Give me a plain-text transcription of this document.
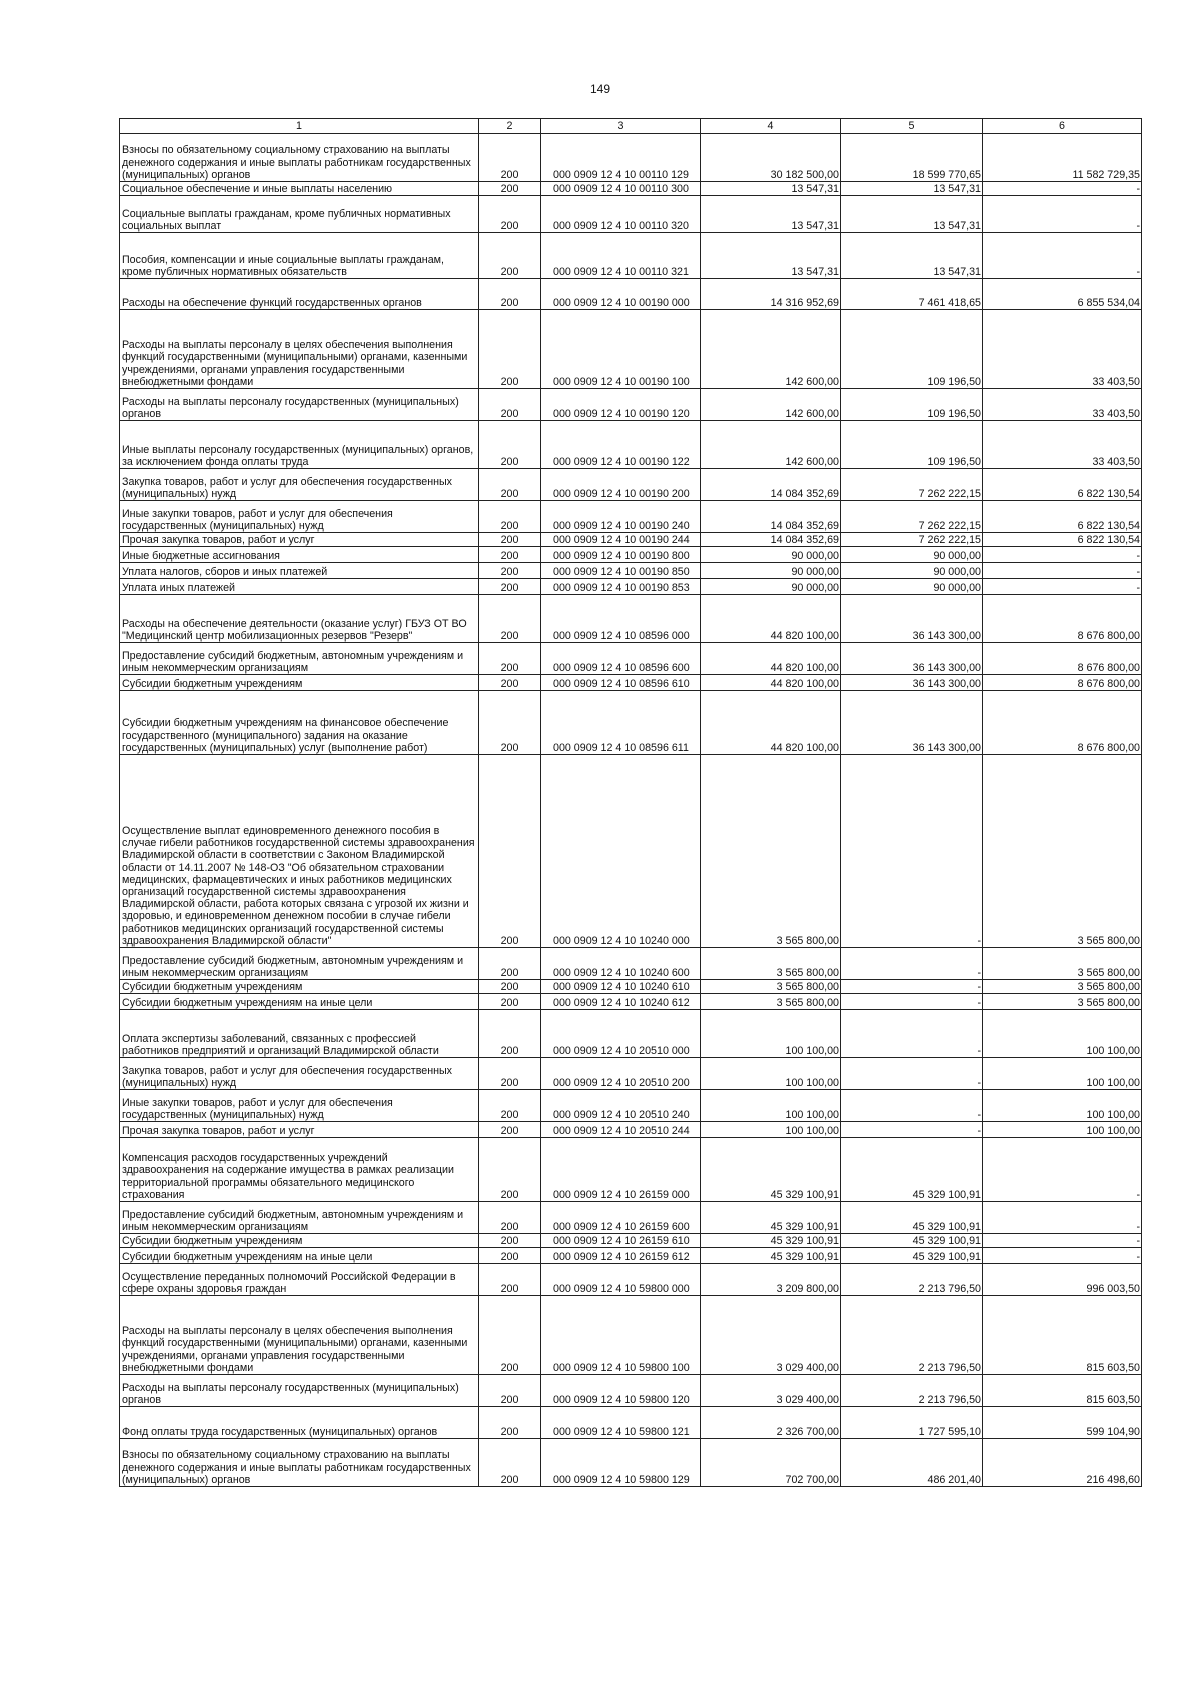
149
1	2	3	4	5	6
Взносы по обязательному социальному страхованию на выплаты денежного содержания и иные выплаты работникам государственных (муниципальных) органов	200	000 0909 12 4 10 00110 129	30 182 500,00	18 599 770,65	11 582 729,35
Социальное обеспечение и иные выплаты населению	200	000 0909 12 4 10 00110 300	13 547,31	13 547,31	-
Социальные выплаты гражданам, кроме публичных нормативных социальных выплат	200	000 0909 12 4 10 00110 320	13 547,31	13 547,31	-
Пособия, компенсации и иные социальные выплаты гражданам, кроме публичных нормативных обязательств	200	000 0909 12 4 10 00110 321	13 547,31	13 547,31	-
Расходы на обеспечение функций государственных органов	200	000 0909 12 4 10 00190 000	14 316 952,69	7 461 418,65	6 855 534,04
Расходы на выплаты персоналу в целях обеспечения выполнения функций государственными (муниципальными) органами, казенными учреждениями, органами управления государственными внебюджетными фондами	200	000 0909 12 4 10 00190 100	142 600,00	109 196,50	33 403,50
Расходы на выплаты персоналу государственных (муниципальных) органов	200	000 0909 12 4 10 00190 120	142 600,00	109 196,50	33 403,50
Иные выплаты персоналу государственных (муниципальных) органов, за исключением фонда оплаты труда	200	000 0909 12 4 10 00190 122	142 600,00	109 196,50	33 403,50
Закупка товаров, работ и услуг для обеспечения государственных (муниципальных) нужд	200	000 0909 12 4 10 00190 200	14 084 352,69	7 262 222,15	6 822 130,54
Иные закупки товаров, работ и услуг для обеспечения государственных (муниципальных) нужд	200	000 0909 12 4 10 00190 240	14 084 352,69	7 262 222,15	6 822 130,54
Прочая закупка товаров, работ и услуг	200	000 0909 12 4 10 00190 244	14 084 352,69	7 262 222,15	6 822 130,54
Иные бюджетные ассигнования	200	000 0909 12 4 10 00190 800	90 000,00	90 000,00	-
Уплата налогов, сборов и иных платежей	200	000 0909 12 4 10 00190 850	90 000,00	90 000,00	-
Уплата иных платежей	200	000 0909 12 4 10 00190 853	90 000,00	90 000,00	-
Расходы на обеспечение деятельности (оказание услуг) ГБУЗ ОТ ВО "Медицинский центр мобилизационных резервов "Резерв"	200	000 0909 12 4 10 08596 000	44 820 100,00	36 143 300,00	8 676 800,00
Предоставление субсидий бюджетным, автономным учреждениям и иным некоммерческим организациям	200	000 0909 12 4 10 08596 600	44 820 100,00	36 143 300,00	8 676 800,00
Субсидии бюджетным учреждениям	200	000 0909 12 4 10 08596 610	44 820 100,00	36 143 300,00	8 676 800,00
Субсидии бюджетным учреждениям на финансовое обеспечение государственного (муниципального) задания на оказание государственных (муниципальных) услуг (выполнение работ)	200	000 0909 12 4 10 08596 611	44 820 100,00	36 143 300,00	8 676 800,00
Осуществление выплат единовременного денежного пособия в случае гибели работников государственной системы здравоохранения Владимирской области в соответствии с Законом Владимирской области от 14.11.2007 № 148-ОЗ "Об обязательном страховании медицинских, фармацевтических и иных работников медицинских организаций государственной системы здравоохранения Владимирской области, работа которых связана с угрозой их жизни и здоровью, и единовременном денежном пособии в случае гибели работников медицинских организаций государственной системы здравоохранения Владимирской области"	200	000 0909 12 4 10 10240 000	3 565 800,00	-	3 565 800,00
Предоставление субсидий бюджетным, автономным учреждениям и иным некоммерческим организациям	200	000 0909 12 4 10 10240 600	3 565 800,00	-	3 565 800,00
Субсидии бюджетным учреждениям	200	000 0909 12 4 10 10240 610	3 565 800,00	-	3 565 800,00
Субсидии бюджетным учреждениям на иные цели	200	000 0909 12 4 10 10240 612	3 565 800,00	-	3 565 800,00
Оплата экспертизы заболеваний, связанных с профессией работников предприятий и организаций Владимирской области	200	000 0909 12 4 10 20510 000	100 100,00	-	100 100,00
Закупка товаров, работ и услуг для обеспечения государственных (муниципальных) нужд	200	000 0909 12 4 10 20510 200	100 100,00	-	100 100,00
Иные закупки товаров, работ и услуг для обеспечения государственных (муниципальных) нужд	200	000 0909 12 4 10 20510 240	100 100,00	-	100 100,00
Прочая закупка товаров, работ и услуг	200	000 0909 12 4 10 20510 244	100 100,00	-	100 100,00
Компенсация расходов государственных учреждений здравоохранения на содержание имущества в рамках реализации территориальной программы обязательного медицинского страхования	200	000 0909 12 4 10 26159 000	45 329 100,91	45 329 100,91	-
Предоставление субсидий бюджетным, автономным учреждениям и иным некоммерческим организациям	200	000 0909 12 4 10 26159 600	45 329 100,91	45 329 100,91	-
Субсидии бюджетным учреждениям	200	000 0909 12 4 10 26159 610	45 329 100,91	45 329 100,91	-
Субсидии бюджетным учреждениям на иные цели	200	000 0909 12 4 10 26159 612	45 329 100,91	45 329 100,91	-
Осуществление переданных полномочий Российской Федерации в сфере охраны здоровья граждан	200	000 0909 12 4 10 59800 000	3 209 800,00	2 213 796,50	996 003,50
Расходы на выплаты персоналу в целях обеспечения выполнения функций государственными (муниципальными) органами, казенными учреждениями, органами управления государственными внебюджетными фондами	200	000 0909 12 4 10 59800 100	3 029 400,00	2 213 796,50	815 603,50
Расходы на выплаты персоналу государственных (муниципальных) органов	200	000 0909 12 4 10 59800 120	3 029 400,00	2 213 796,50	815 603,50
Фонд оплаты труда государственных (муниципальных) органов	200	000 0909 12 4 10 59800 121	2 326 700,00	1 727 595,10	599 104,90
Взносы по обязательному социальному страхованию на выплаты денежного содержания и иные выплаты работникам государственных (муниципальных) органов	200	000 0909 12 4 10 59800 129	702 700,00	486 201,40	216 498,60
